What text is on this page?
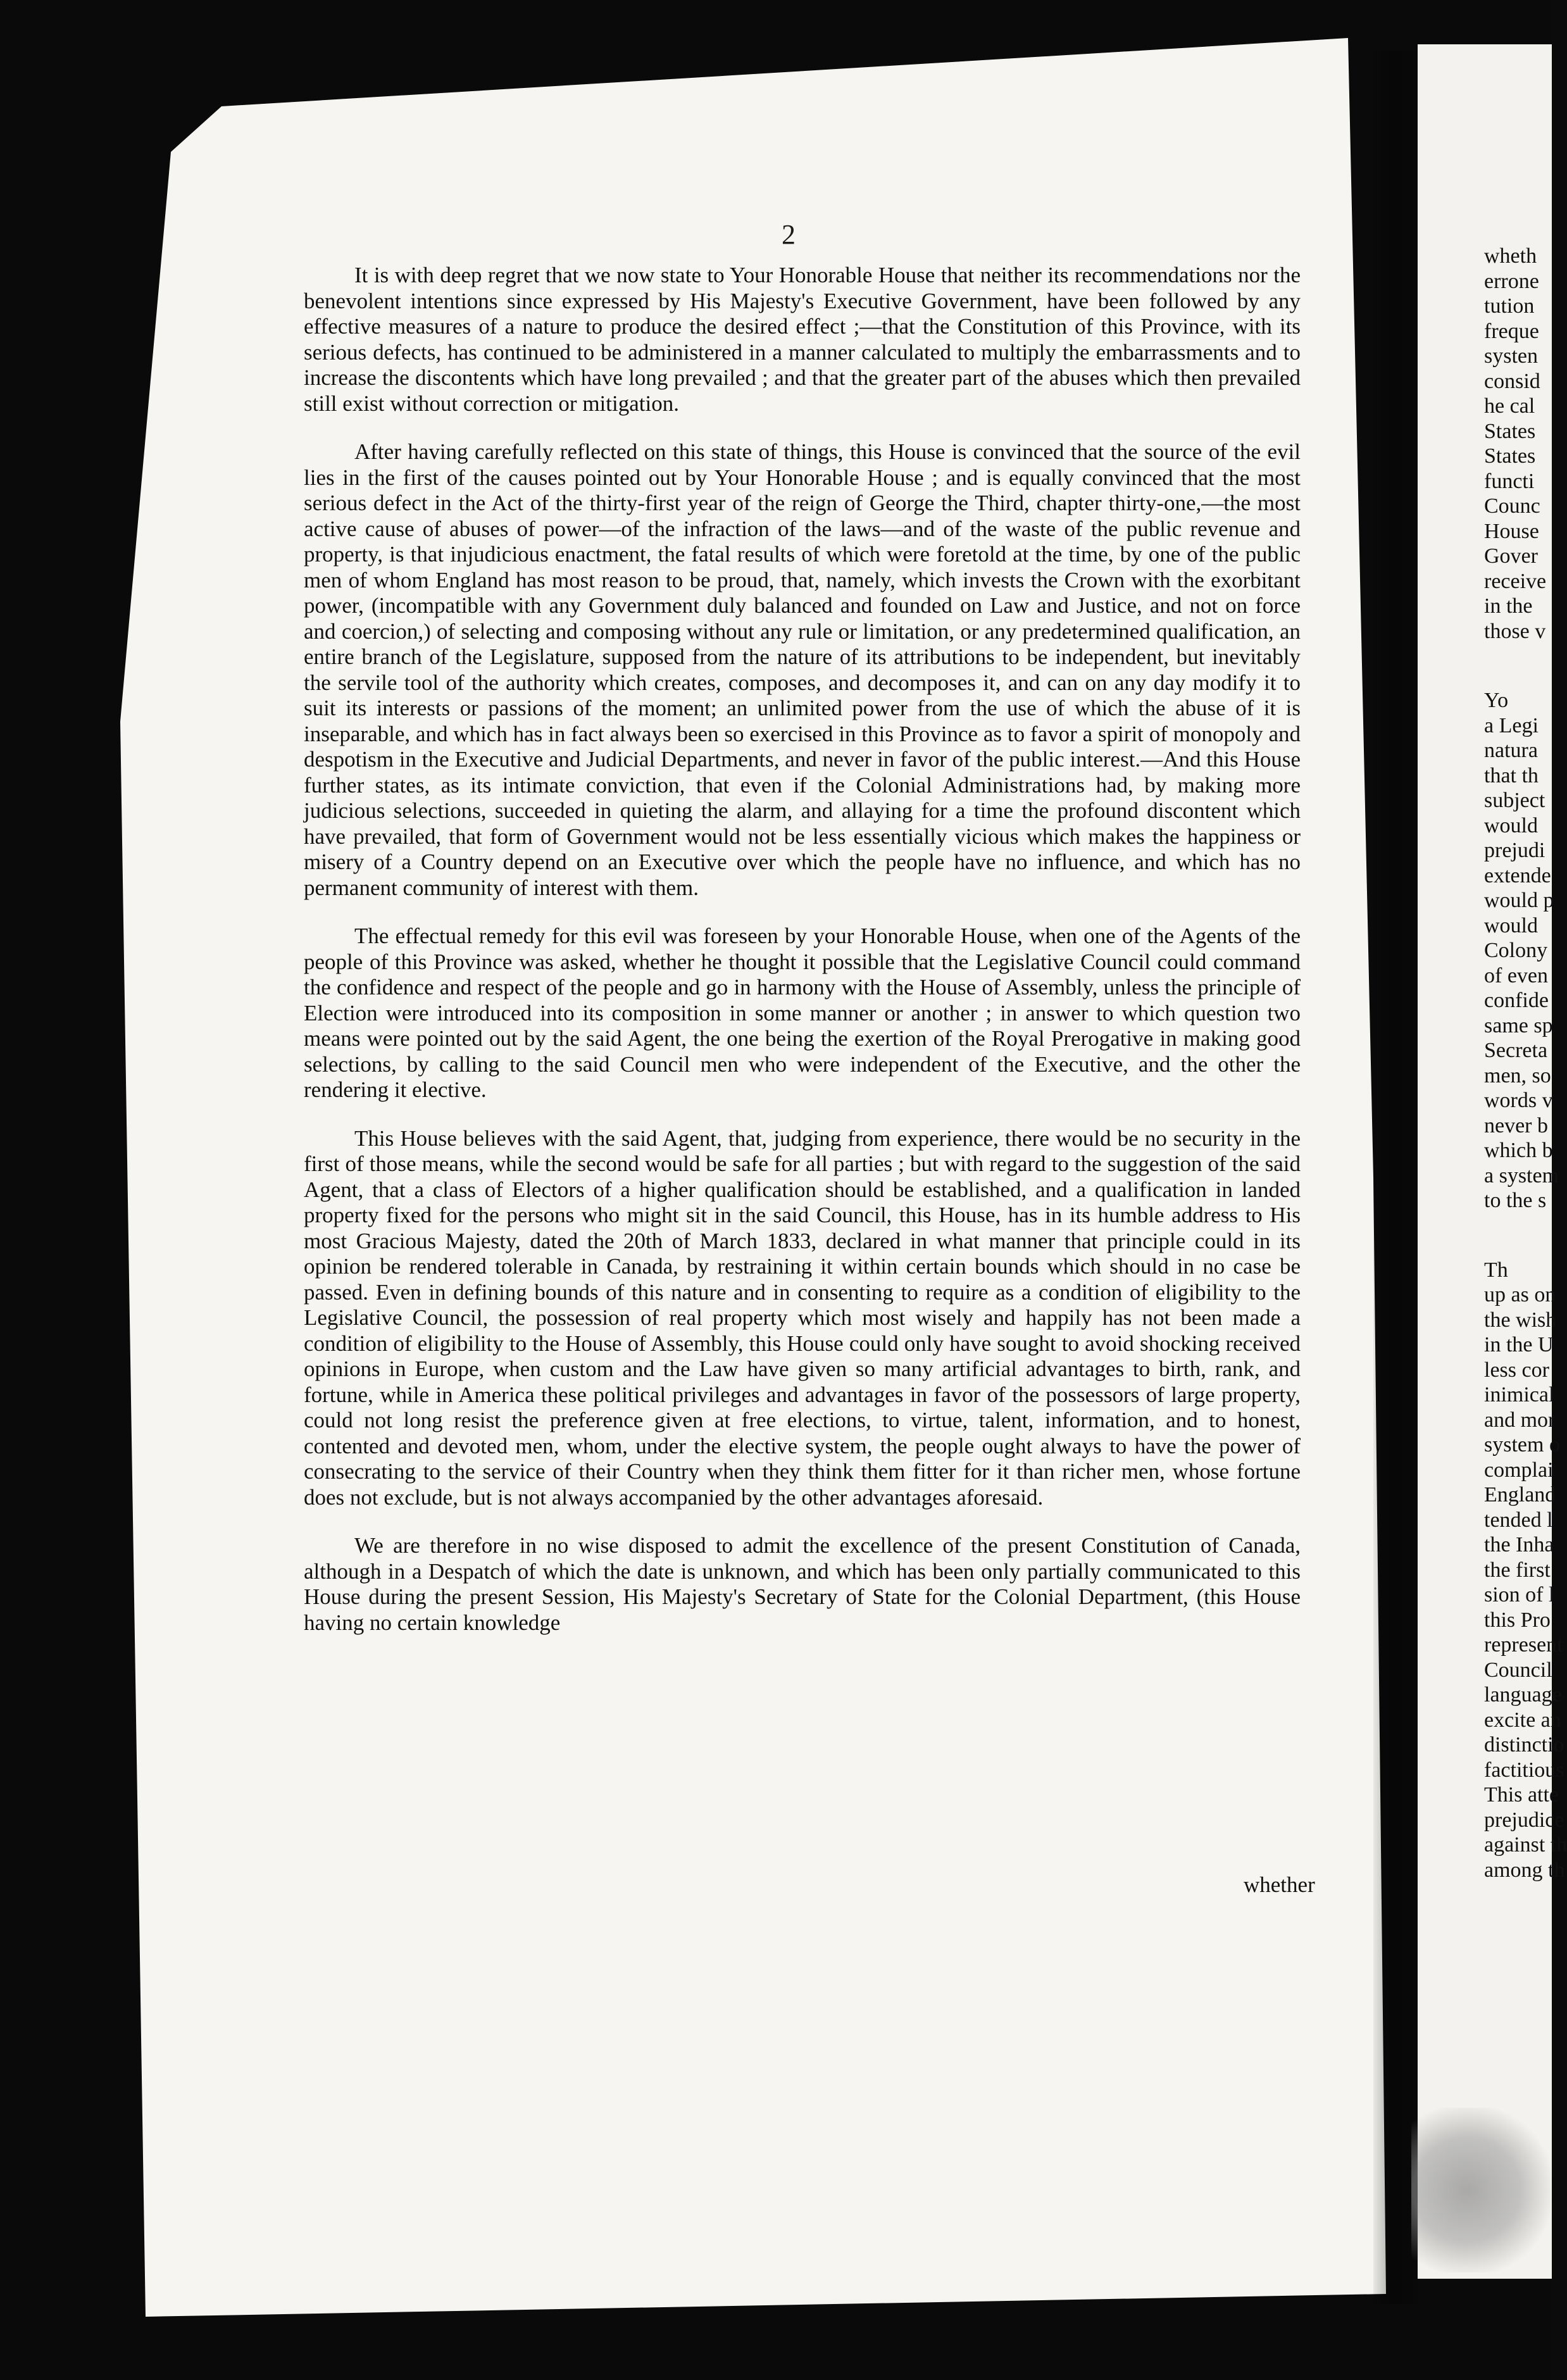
2

It is with deep regret that we now state to Your Honorable House that neither its recommendations nor the benevolent intentions since expressed by His Majesty's Executive Government, have been followed by any effective measures of a nature to produce the desired effect ;—that the Constitution of this Province, with its serious defects, has continued to be administered in a manner calculated to multiply the embarrassments and to increase the discontents which have long prevailed ; and that the greater part of the abuses which then prevailed still exist without correction or mitigation.

After having carefully reflected on this state of things, this House is convinced that the source of the evil lies in the first of the causes pointed out by Your Honorable House ; and is equally convinced that the most serious defect in the Act of the thirty-first year of the reign of George the Third, chapter thirty-one,—the most active cause of abuses of power—of the infraction of the laws—and of the waste of the public revenue and property, is that injudicious enactment, the fatal results of which were foretold at the time, by one of the public men of whom England has most reason to be proud, that, namely, which invests the Crown with the exorbitant power, (incompatible with any Government duly balanced and founded on Law and Justice, and not on force and coercion,) of selecting and composing without any rule or limitation, or any predetermined qualification, an entire branch of the Legislature, supposed from the nature of its attributions to be independent, but inevitably the servile tool of the authority which creates, composes, and decomposes it, and can on any day modify it to suit its interests or passions of the moment; an unlimited power from the use of which the abuse of it is inseparable, and which has in fact always been so exercised in this Province as to favor a spirit of monopoly and despotism in the Executive and Judicial Departments, and never in favor of the public interest.—And this House further states, as its intimate conviction, that even if the Colonial Administrations had, by making more judicious selections, succeeded in quieting the alarm, and allaying for a time the profound discontent which have prevailed, that form of Government would not be less essentially vicious which makes the happiness or misery of a Country depend on an Executive over which the people have no influence, and which has no permanent community of interest with them.

The effectual remedy for this evil was foreseen by your Honorable House, when one of the Agents of the people of this Province was asked, whether he thought it possible that the Legislative Council could command the confidence and respect of the people and go in harmony with the House of Assembly, unless the principle of Election were introduced into its composition in some manner or another ; in answer to which question two means were pointed out by the said Agent, the one being the exertion of the Royal Prerogative in making good selections, by calling to the said Council men who were independent of the Executive, and the other the rendering it elective.

This House believes with the said Agent, that, judging from experience, there would be no security in the first of those means, while the second would be safe for all parties ; but with regard to the suggestion of the said Agent, that a class of Electors of a higher qualification should be established, and a qualification in landed property fixed for the persons who might sit in the said Council, this House, has in its humble address to His most Gracious Majesty, dated the 20th of March 1833, declared in what manner that principle could in its opinion be rendered tolerable in Canada, by restraining it within certain bounds which should in no case be passed. Even in defining bounds of this nature and in consenting to require as a condition of eligibility to the Legislative Council, the possession of real property which most wisely and happily has not been made a condition of eligibility to the House of Assembly, this House could only have sought to avoid shocking received opinions in Europe, when custom and the Law have given so many artificial advantages to birth, rank, and fortune, while in America these political privileges and advantages in favor of the possessors of large property, could not long resist the preference given at free elections, to virtue, talent, information, and to honest, contented and devoted men, whom, under the elective system, the people ought always to have the power of consecrating to the service of their Country when they think them fitter for it than richer men, whose fortune does not exclude, but is not always accompanied by the other advantages aforesaid.

We are therefore in no wise disposed to admit the excellence of the present Constitution of Canada, although in a Despatch of which the date is unknown, and which has been only partially communicated to this House during the present Session, His Majesty's Secretary of State for the Colonial Department, (this House having no certain knowledge

whether
wheth
errone
tution
freque
systen
consid
he cal
States
States
functi
Counc
House
Gover
receive
in the
those v
Yo
a Legi
natura
that th
subject
would
prejudi
extende
would p
would
Colony
of even
confide
same sp
Secreta
men, so
words v
never b
which b
a system
to the s
Th
up as on
the wish
in the U
less cor
inimical
and mor
system o
complai
England
tended l
the Inha
the first
sion of l
this Pro
represent
Council
language
excite an
distinctio
factitious
This atte
prejudice
against th
among th
